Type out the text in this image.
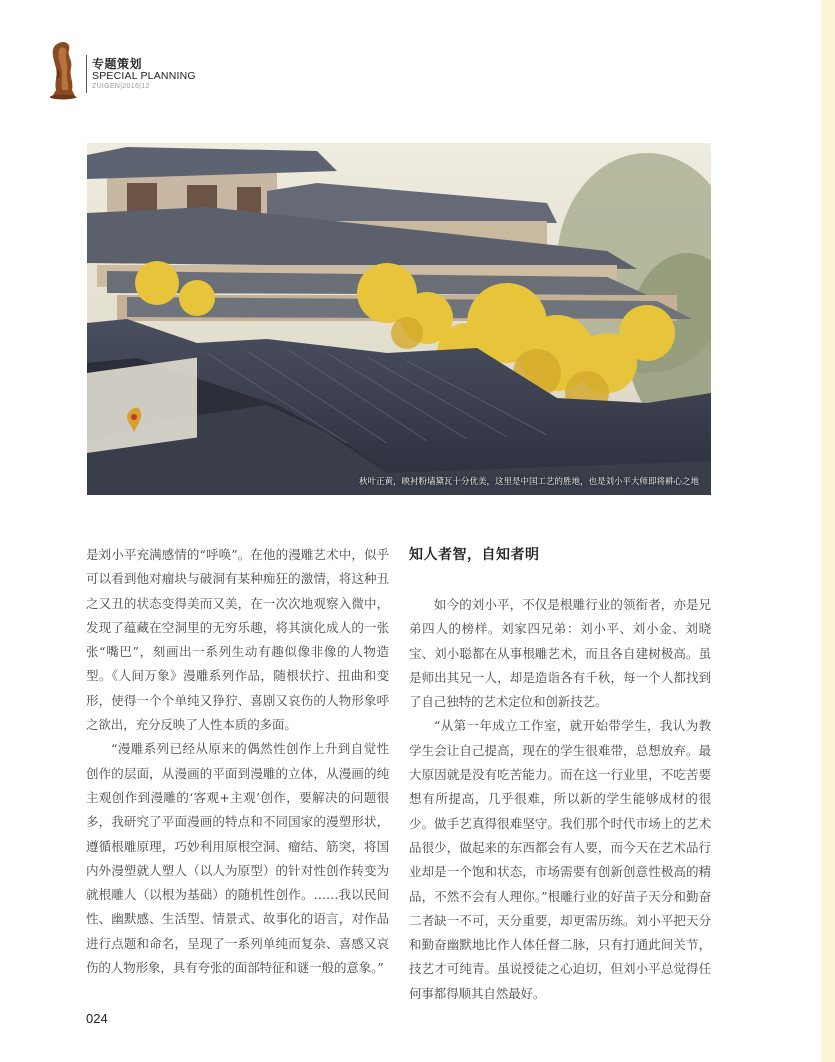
专题策划
SPECIAL PLANNING
ZUIGEN|2016|12
秋叶正黄，映衬粉墙黛瓦十分优美，这里是中国工艺的胜地，也是刘小平大师即将耕心之地

是刘小平充满感情的“呼唤”。在他的漫雕艺术中，似乎可以看到他对瘤块与破洞有某种痴狂的激情，将这种丑之又丑的状态变得美而又美，在一次次地观察入微中，发现了蕴藏在空洞里的无穷乐趣，将其演化成人的一张张“嘴巴”，刻画出一系列生动有趣似像非像的人物造型。《人间万象》漫雕系列作品，随根状拧、扭曲和变形，使得一个个单纯又狰狞、喜剧又哀伤的人物形象呼之欲出，充分反映了人性本质的多面。

“漫雕系列已经从原来的偶然性创作上升到自觉性创作的层面，从漫画的平面到漫雕的立体，从漫画的纯主观创作到漫雕的‘客观+主观’创作，要解决的问题很多，我研究了平面漫画的特点和不同国家的漫塑形状，遵循根雕原理，巧妙利用原根空洞、瘤结、筋突，将国内外漫塑就人塑人（以人为原型）的针对性创作转变为就根雕人（以根为基础）的随机性创作。……我以民间性、幽默感、生活型、情景式、故事化的语言，对作品进行点题和命名，呈现了一系列单纯而复杂、喜感又哀伤的人物形象，具有夸张的面部特征和谜一般的意象。”

知人者智，自知者明

如今的刘小平，不仅是根雕行业的领衔者，亦是兄弟四人的榜样。刘家四兄弟：刘小平、刘小金、刘晓宝、刘小聪都在从事根雕艺术，而且各自建树极高。虽是师出其兄一人，却是造诣各有千秋，每一个人都找到了自己独特的艺术定位和创新技艺。

“从第一年成立工作室，就开始带学生，我认为教学生会让自己提高，现在的学生很难带，总想放弃。最大原因就是没有吃苦能力。而在这一行业里，不吃苦要想有所提高，几乎很难，所以新的学生能够成材的很少。做手艺真得很难坚守。我们那个时代市场上的艺术品很少，做起来的东西都会有人要，而今天在艺术品行业却是一个饱和状态，市场需要有创新创意性极高的精品，不然不会有人理你。”根雕行业的好苗子天分和勤奋二者缺一不可，天分重要，却更需历练。刘小平把天分和勤奋幽默地比作人体任督二脉，只有打通此间关节，技艺才可纯青。虽说授徒之心迫切，但刘小平总觉得任何事都得顺其自然最好。

024
